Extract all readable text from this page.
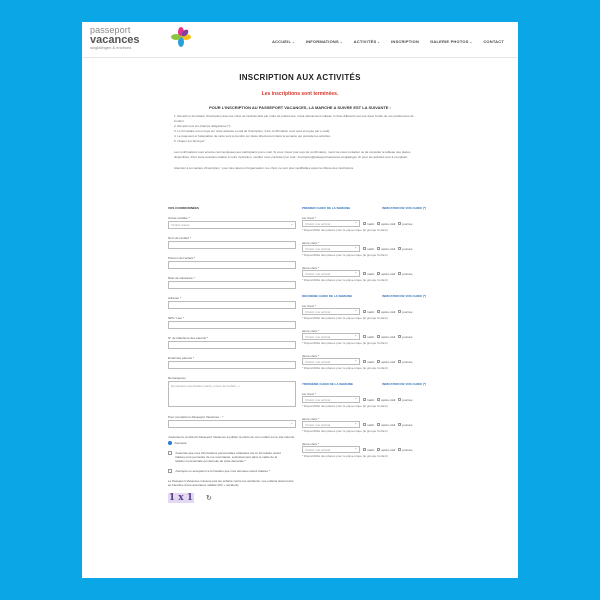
passeport
vacances
singlatingen & environs
ACCUEIL ⌄	INFORMATIONS ⌄	ACTIVITÉS ⌄	INSCRIPTION	GALERIE PHOTOS ⌄	CONTACT
INSCRIPTION AUX ACTIVITÉS
Les inscriptions sont terminées.
POUR L'INSCRIPTION AU PASSEPORT VACANCES, LA MARCHE A SUIVRE EST LA SUIVANTE :
1. Remplir le formulaire d'inscription avec les choix de l'activité faits par ordre de préférence, il faut absolument indiquer 3 choix différents par jour dans l'ordre de vos préférences de l'enfant.
2. Remplir tous les champs obligatoires (*).
3. Le formulaire est envoyé sur cette adresse e-mail de l'inscription. (Une confirmation vous sera envoyée par e-mail).
4. Le paiement et l'attestation de carte sont à prendre sur place directement dans la semaine qui précède les activités.
5. Cliquer sur 'Envoyer'.
Les confirmations sont ensuite communiquées aux participants par e-mail. Si vous n'avez pas reçu de confirmation, merci de nous contacter ou de consulter le tableau des places disponibles. Pour toute question relative à votre inscription, veuillez nous contacter par mail : inscription@passeportvacances-singlatingen.ch pour les activités sont à compléter.
Attention à la manière d'inscription : pour des raisons d'organisation, les choix ne sont plus modifiables après la clôture des inscriptions.
VOS COORDONNÉES
Année scolaire *
Choisir année ⌄
Nom de l'enfant *
Prénom de l'enfant *
Date de naissance *
Adresse *
NPA / Lieu *
N° de téléphone des parents *
Email des parents *
Remarque(s)
Remarques éventuelles (santé, prises de l'enfant...)
Pour connaître le Passeport Vacances... *
⌄
J'autorise le comité du Passeport Vacances à publier la photo de mon enfant sur le site internet
J'accepte
J'autorise que mes informations personnelles collectées via ce formulaire soient traitées pour permettre de me recontacter, exclusivement dans le cadre de la relation commerciale qui découle de cette demande *
J'accepte en acceptant ce formulaire que mes données soient traitées *
Le Passeport Vacances n'assure pas les enfants contre les accidents. Les enfants doivent être au bénéfice d'une assurance valable (RC + accident).
1 x 1 ↻
PREMIER CHOIX DE LA SEMAINE	INDICATION DE VOS CHOIX (*)
1er choix *
Choisir une activité ⌄	matin après-midi journée
* Disponibilité des places pour le pique-nique (le groupe l'enfant)
2ème choix *
Choisir une activité ⌄	matin après-midi journée
* Disponibilité des places pour le pique-nique (le groupe l'enfant)
3ème choix *
Choisir une activité ⌄	matin après-midi journée
* Disponibilité des places pour le pique-nique (le groupe l'enfant)
DEUXIÈME CHOIX DE LA SEMAINE	INDICATION DE VOS CHOIX (*)
1er choix *
Choisir une activité ⌄	matin après-midi journée
* Disponibilité des places pour le pique-nique (le groupe l'enfant)
2ème choix *
Choisir une activité ⌄	matin après-midi journée
* Disponibilité des places pour le pique-nique (le groupe l'enfant)
3ème choix *
Choisir une activité ⌄	matin après-midi journée
* Disponibilité des places pour le pique-nique (le groupe l'enfant)
TROISIÈME CHOIX DE LA SEMAINE	INDICATION DE VOS CHOIX (*)
1er choix *
Choisir une activité ⌄	matin après-midi journée
* Disponibilité des places pour le pique-nique (le groupe l'enfant)
2ème choix *
Choisir une activité ⌄	matin après-midi journée
* Disponibilité des places pour le pique-nique (le groupe l'enfant)
3ème choix *
Choisir une activité ⌄	matin après-midi journée
* Disponibilité des places pour le pique-nique (le groupe l'enfant)
